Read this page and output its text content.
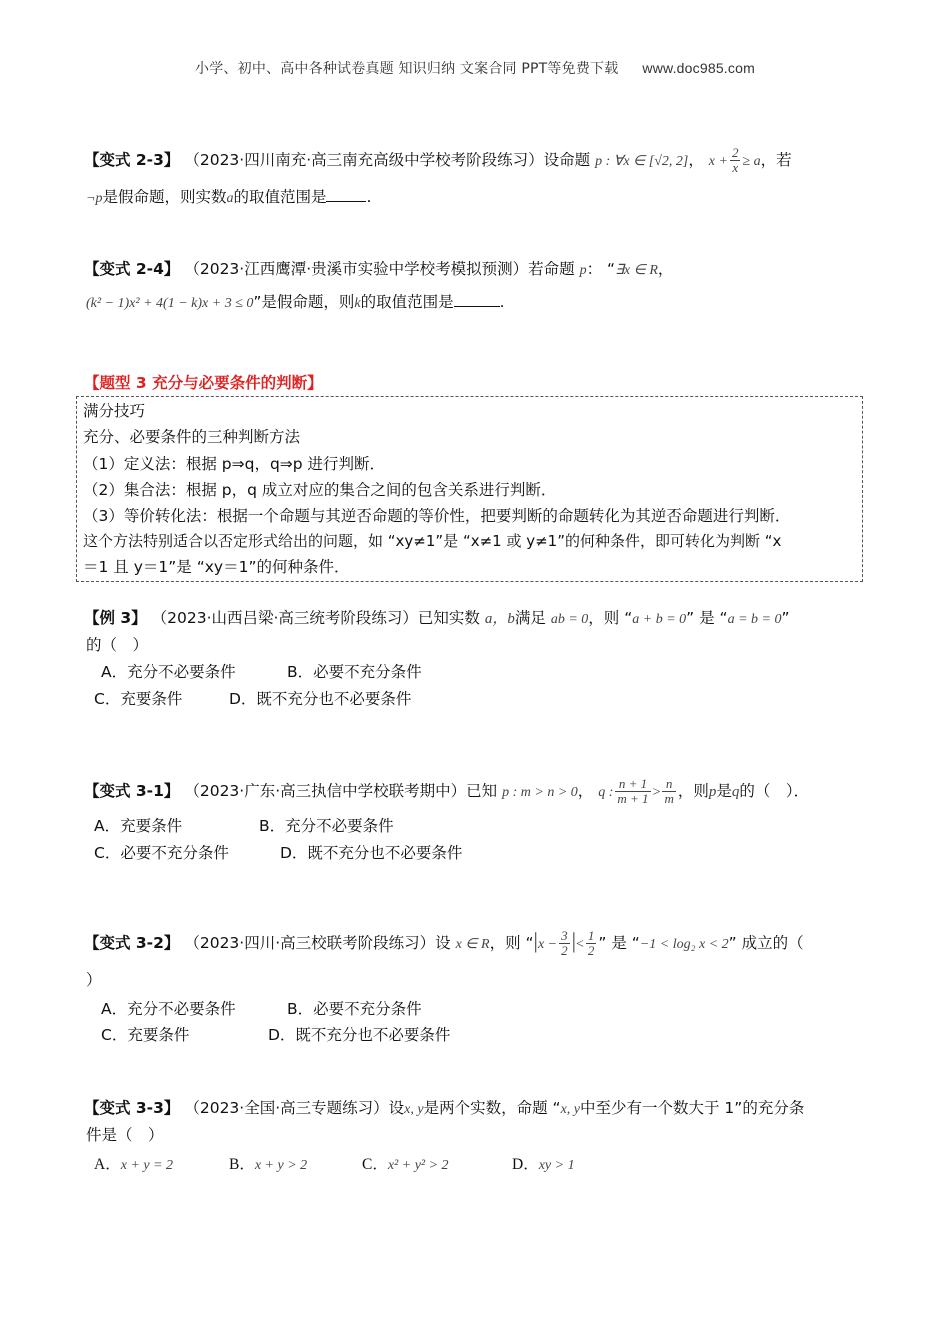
小学、初中、高中各种试卷真题 知识归纳 文案合同 PPT等免费下载 www.doc985.com
【变式 2-3】 （2023·四川南充·高三南充高级中学校考阶段练习）设命题 p : ∀x ∈ [√2, 2]， $x + \frac{2}{x} \ge a$，若
¬p是假命题，则实数a的取值范围是	.
【变式 2-4】 （2023·江西鹰潭·贵溪市实验中学校考模拟预测）若命题 p： “∃x ∈ R，
(k² − 1)x² + 4(1 − k)x + 3 ≤ 0”是假命题，则k的取值范围是	.
【题型 3 充分与必要条件的判断】
满分技巧
充分、必要条件的三种判断方法
（1）定义法：根据 p⇒q，q⇒p 进行判断．
（2）集合法：根据 p，q 成立对应的集合之间的包含关系进行判断．
（3）等价转化法：根据一个命题与其逆否命题的等价性，把要判断的命题转化为其逆否命题进行判断．
这个方法特别适合以否定形式给出的问题，如 “xy≠1”是 “x≠1 或 y≠1”的何种条件，即可转化为判断 “x
＝1 且 y＝1”是 “xy＝1”的何种条件．
【例 3】 （2023·山西吕梁·高三统考阶段练习）已知实数 a，b满足 ab = 0，则 “a + b = 0” 是 “a = b = 0”
的（　）
A．充分不必要条件	B．必要不充分条件
C．充要条件	D．既不充分也不必要条件
【变式 3-1】 （2023·广东·高三执信中学校联考期中）已知 p : m > n > 0， q : $\frac{n + 1}{m + 1} > \frac{n}{m}$ ，则p是q的（　）．
A．充要条件	B．充分不必要条件
C．必要不充分条件	D．既不充分也不必要条件
【变式 3-2】 （2023·四川·高三校联考阶段练习）设 x ∈ R，则 “$|x - \frac{3}{2}$ |< $\frac{1}{2}$ ” 是 “−1 < log₂ x < 2” 成立的（
）
A．充分不必要条件	B．必要不充分条件
C．充要条件	D．既不充分也不必要条件
【变式 3-3】 （2023·全国·高三专题练习）设x, y是两个实数，命题 “x, y中至少有一个数大于 1”的充分条
件是（　）
A．x + y = 2	B．x + y > 2	C．x² + y² > 2	D．xy > 1
